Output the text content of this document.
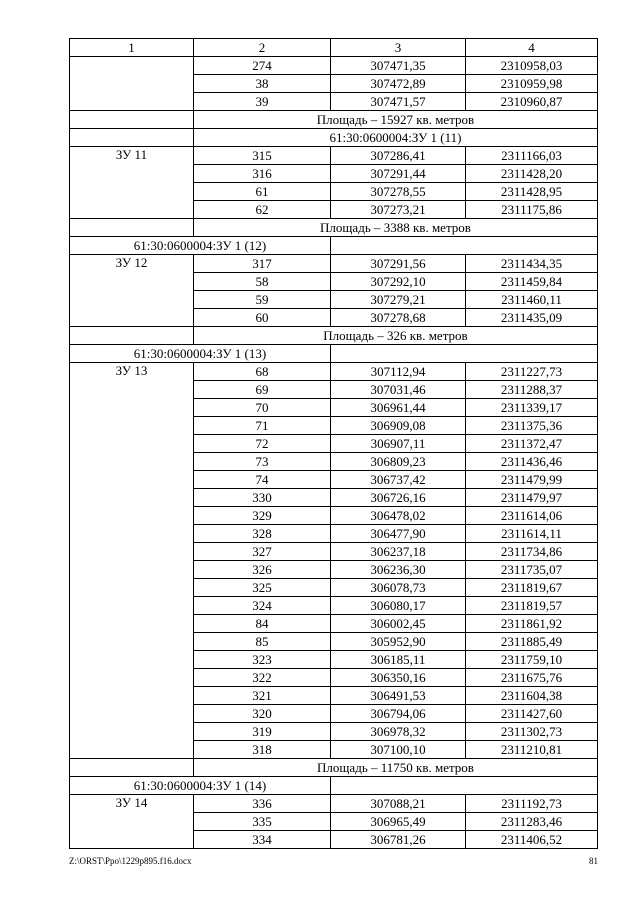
1	2	3	4
	274	307471,35	2310958,03
	38	307472,89	2310959,98
	39	307471,57	2310960,87
	Площадь – 15927 кв. метров		
	61:30:0600004:ЗУ 1 (11)		
ЗУ 11	315	307286,41	2311166,03
	316	307291,44	2311428,20
	61	307278,55	2311428,95
	62	307273,21	2311175,86
	Площадь – 3388 кв. метров		
61:30:0600004:ЗУ 1 (12)			
ЗУ 12	317	307291,56	2311434,35
	58	307292,10	2311459,84
	59	307279,21	2311460,11
	60	307278,68	2311435,09
	Площадь – 326 кв. метров		
61:30:0600004:ЗУ 1 (13)			
ЗУ 13	68	307112,94	2311227,73
	69	307031,46	2311288,37
	70	306961,44	2311339,17
	71	306909,08	2311375,36
	72	306907,11	2311372,47
	73	306809,23	2311436,46
	74	306737,42	2311479,99
	330	306726,16	2311479,97
	329	306478,02	2311614,06
	328	306477,90	2311614,11
	327	306237,18	2311734,86
	326	306236,30	2311735,07
	325	306078,73	2311819,67
	324	306080,17	2311819,57
	84	306002,45	2311861,92
	85	305952,90	2311885,49
	323	306185,11	2311759,10
	322	306350,16	2311675,76
	321	306491,53	2311604,38
	320	306794,06	2311427,60
	319	306978,32	2311302,73
	318	307100,10	2311210,81
	Площадь – 11750 кв. метров		
61:30:0600004:ЗУ 1 (14)			
ЗУ 14	336	307088,21	2311192,73
	335	306965,49	2311283,46
	334	306781,26	2311406,52
Z:\ORST\Ppo\1229p895.f16.docx	81
